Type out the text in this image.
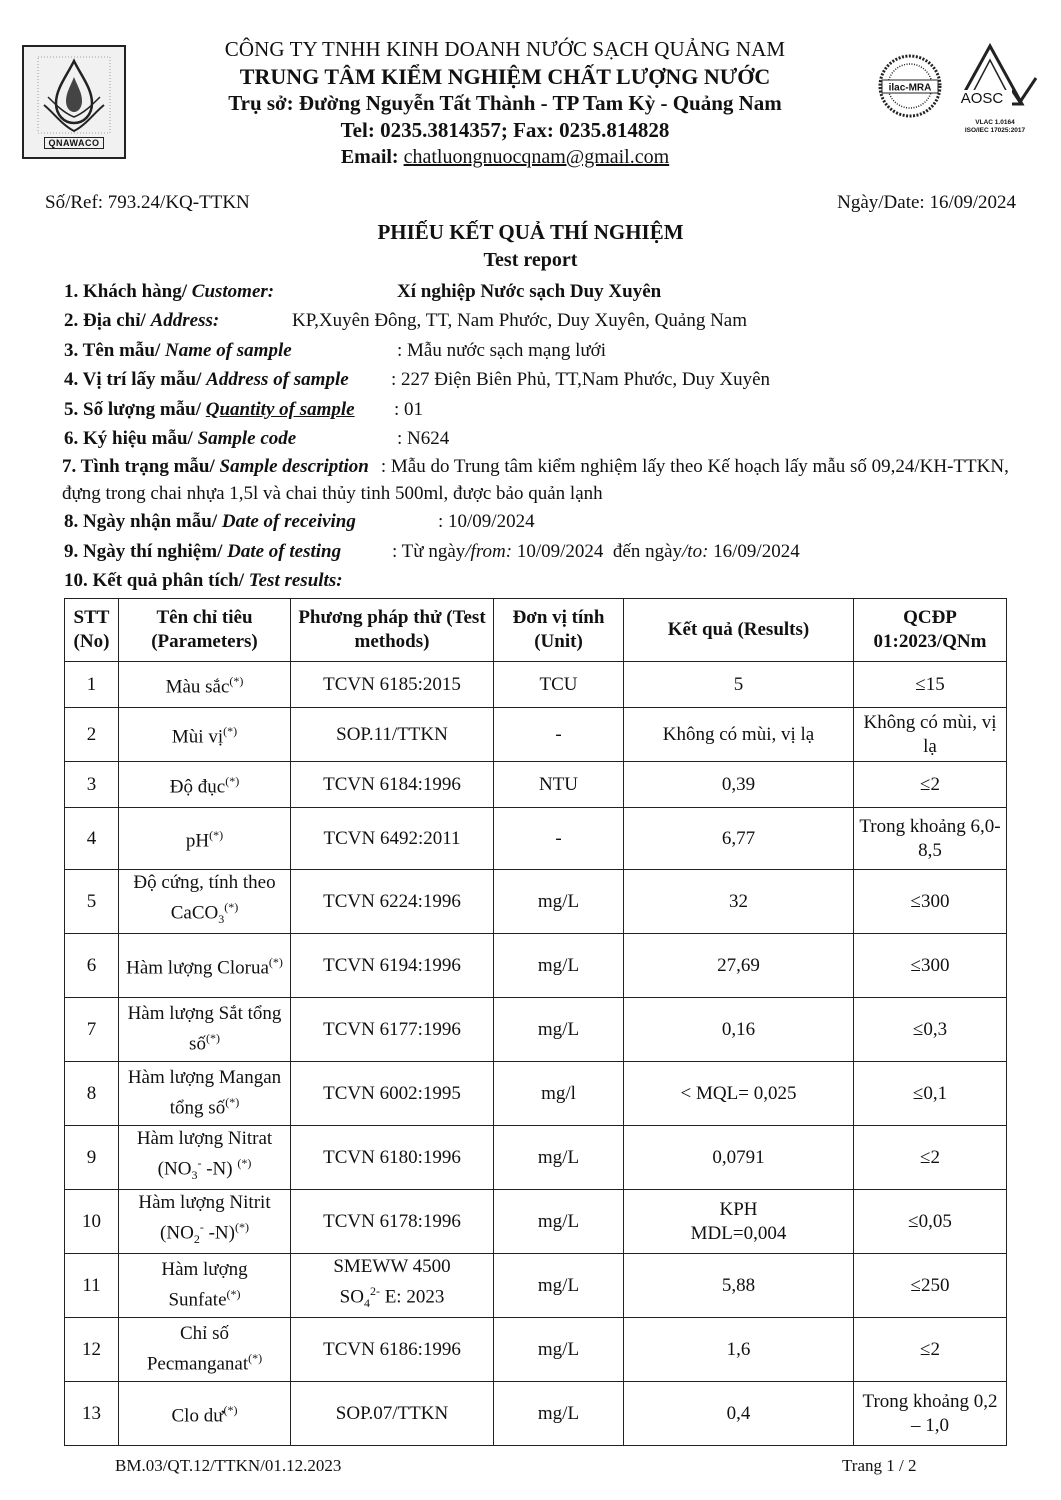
QNAWACO
CÔNG TY TNHH KINH DOANH NƯỚC SẠCH QUẢNG NAM
TRUNG TÂM KIỂM NGHIỆM CHẤT LƯỢNG NƯỚC
Trụ sở: Đường Nguyễn Tất Thành - TP Tam Kỳ - Quảng Nam
Tel: 0235.3814357; Fax: 0235.814828
Email: chatluongnuocqnam@gmail.com
ilac-MRA
AOSC
VLAC 1.0164
ISO/IEC 17025:2017
Số/Ref: 793.24/KQ-TTKN	Ngày/Date: 16/09/2024
PHIẾU KẾT QUẢ THÍ NGHIỆM
Test report
1. Khách hàng/ Customer:	Xí nghiệp Nước sạch Duy Xuyên
2. Địa chỉ/ Address:	KP,Xuyên Đông, TT, Nam Phước, Duy Xuyên, Quảng Nam
3. Tên mẫu/ Name of sample	: Mẫu nước sạch mạng lưới
4. Vị trí lấy mẫu/ Address of sample : 227 Điện Biên Phủ, TT,Nam Phước, Duy Xuyên
5. Số lượng mẫu/ Quantity of sample : 01
6. Ký hiệu mẫu/ Sample code	: N624
7. Tình trạng mẫu/ Sample description : Mẫu do Trung tâm kiểm nghiệm lấy theo Kế hoạch lấy mẫu số 09,24/KH-TTKN, đựng trong chai nhựa 1,5l và chai thủy tinh 500ml, được bảo quản lạnh
8. Ngày nhận mẫu/ Date of receiving	: 10/09/2024
9. Ngày thí nghiệm/ Date of testing	: Từ ngày/from: 10/09/2024 đến ngày/to: 16/09/2024
10. Kết quả phân tích/ Test results:
STT (No)	Tên chỉ tiêu (Parameters)	Phương pháp thử (Test methods)	Đơn vị tính (Unit)	Kết quả (Results)	QCĐP 01:2023/QNm
1	Màu sắc(*)	TCVN 6185:2015	TCU	5	≤15
2	Mùi vị(*)	SOP.11/TTKN	-	Không có mùi, vị lạ	Không có mùi, vị lạ
3	Độ đục(*)	TCVN 6184:1996	NTU	0,39	≤2
4	pH(*)	TCVN 6492:2011	-	6,77	Trong khoảng 6,0-8,5
5	Độ cứng, tính theo CaCO$_3$(*)	TCVN 6224:1996	mg/L	32	≤300
6	Hàm lượng Clorua(*)	TCVN 6194:1996	mg/L	27,69	≤300
7	Hàm lượng Sắt tổng số(*)	TCVN 6177:1996	mg/L	0,16	≤0,3
8	Hàm lượng Mangan tổng số(*)	TCVN 6002:1995	mg/l	< MQL= 0,025	≤0,1
9	Hàm lượng Nitrat
($NO_3^-$ -N) (*)	TCVN 6180:1996	mg/L	0,0791	≤2
10	Hàm lượng Nitrit
($NO_2^-$ -N)(*)	TCVN 6178:1996	mg/L	KPH
MDL=0,004	≤0,05
11	Hàm lượng Sunfate(*)	SMEWW 4500
$SO_4^{2-}$ E: 2023	mg/L	5,88	≤250
12	Chỉ số Pecmanganat(*)	TCVN 6186:1996	mg/L	1,6	≤2
13	Clo dư(*)	SOP.07/TTKN	mg/L	0,4	Trong khoảng 0,2 – 1,0
BM.03/QT.12/TTKN/01.12.2023	Trang 1 / 2
